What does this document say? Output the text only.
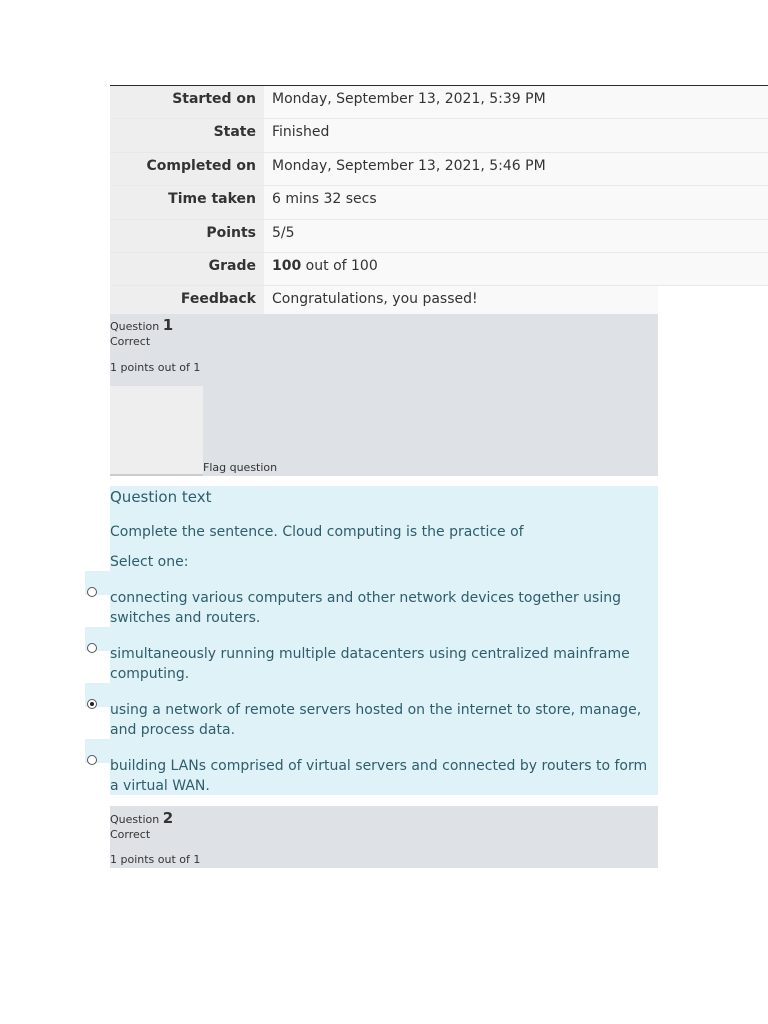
Started on	Monday, September 13, 2021, 5:39 PM
State	Finished
Completed on	Monday, September 13, 2021, 5:46 PM
Time taken	6 mins 32 secs
Points	5/5
Grade	100 out of 100
Feedback	Congratulations, you passed!
Question 1
Correct
1 points out of 1
Flag question
Question text
Complete the sentence. Cloud computing is the practice of
Select one:
connecting various computers and other network devices together using switches and routers.
simultaneously running multiple datacenters using centralized mainframe computing.
using a network of remote servers hosted on the internet to store, manage, and process data.
building LANs comprised of virtual servers and connected by routers to form a virtual WAN.
Question 2
Correct
1 points out of 1
